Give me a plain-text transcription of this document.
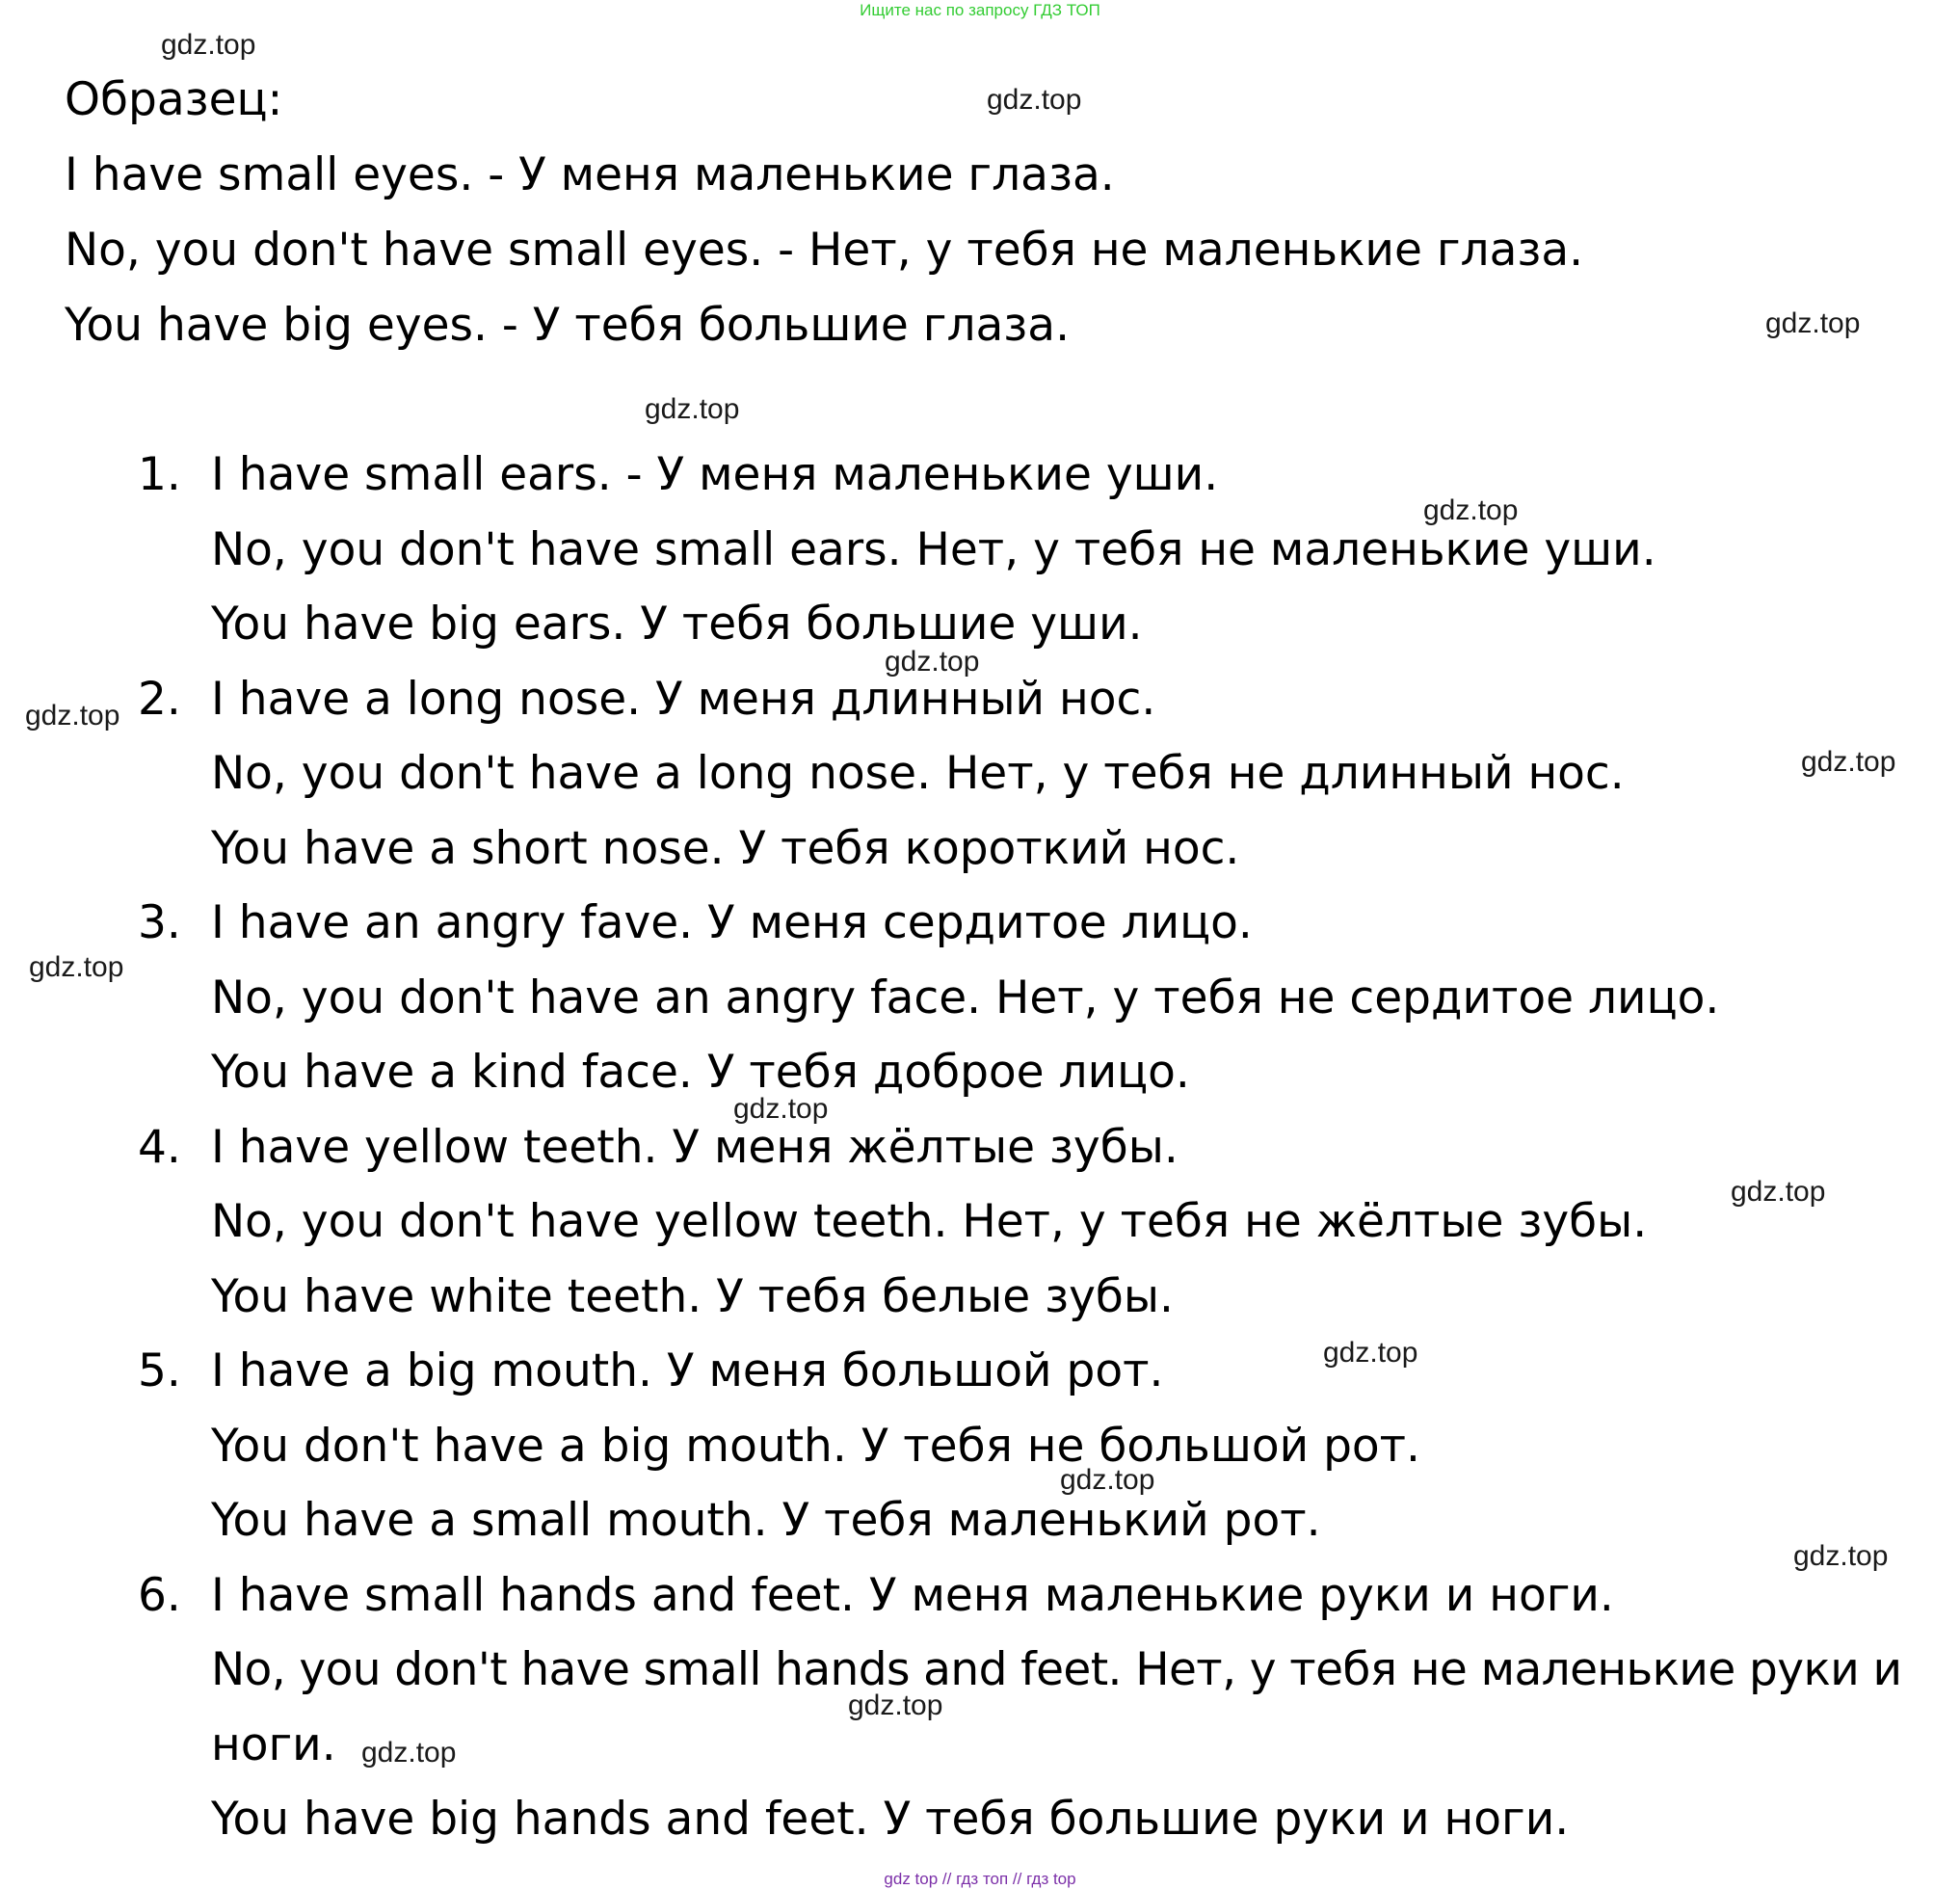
Ищите нас по запросу ГДЗ ТОП
Образец:
I have small eyes. - У меня маленькие глаза.
No, you don't have small eyes. - Нет, у тебя не маленькие глаза.
You have big eyes. - У тебя большие глаза.
1. I have small ears. - У меня маленькие уши.
No, you don't have small ears. Нет, у тебя не маленькие уши.
You have big ears. У тебя большие уши.
2. I have a long nose. У меня длинный нос.
No, you don't have a long nose. Нет, у тебя не длинный нос.
You have a short nose. У тебя короткий нос.
3. I have an angry fave. У меня сердитое лицо.
No, you don't have an angry face. Нет, у тебя не сердитое лицо.
You have a kind face. У тебя доброе лицо.
4. I have yellow teeth. У меня жёлтые зубы.
No, you don't have yellow teeth. Нет, у тебя не жёлтые зубы.
You have white teeth. У тебя белые зубы.
5. I have a big mouth. У меня большой рот.
You don't have a big mouth. У тебя не большой рот.
You have a small mouth. У тебя маленький рот.
6. I have small hands and feet. У меня маленькие руки и ноги.
No, you don't have small hands and feet. Нет, у тебя не маленькие руки и
ноги.
You have big hands and feet. У тебя большие руки и ноги.
gdz.top
gdz.top
gdz.top
gdz.top
gdz.top
gdz.top
gdz.top
gdz.top
gdz.top
gdz.top
gdz.top
gdz.top
gdz.top
gdz.top
gdz.top
gdz.top
gdz top // гдз топ // гдз top
